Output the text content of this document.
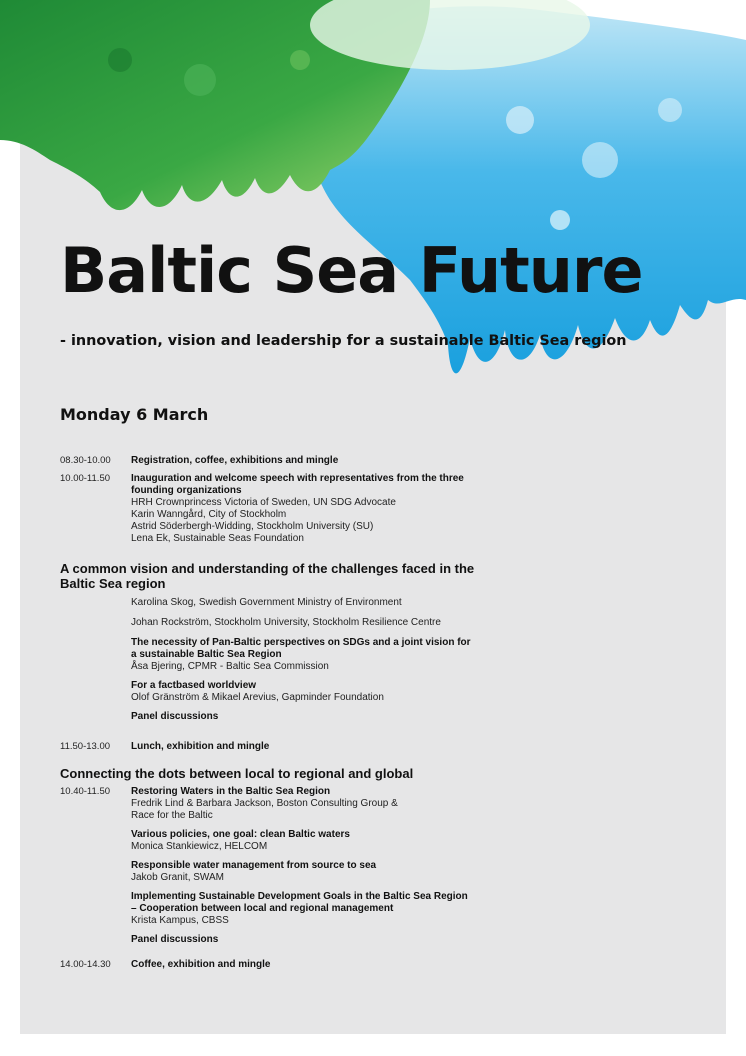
Baltic Sea Future

- innovation, vision and leadership for a sustainable Baltic Sea region

Monday 6 March
08.30-10.00	Registration, coffee, exhibitions and mingle
10.00-11.50	Inauguration and welcome speech with representatives from the three
founding organizations
HRH Crownprincess Victoria of Sweden, UN SDG Advocate
Karin Wanngård, City of Stockholm
Astrid Söderbergh-Widding, Stockholm University (SU)
Lena Ek, Sustainable Seas Foundation
A common vision and understanding of the challenges faced in the
Baltic Sea region
Karolina Skog, Swedish Government Ministry of Environment
Johan Rockström, Stockholm University, Stockholm Resilience Centre
The necessity of Pan-Baltic perspectives on SDGs and a joint vision for
a sustainable Baltic Sea Region
Åsa Bjering, CPMR - Baltic Sea Commission
For a factbased worldview
Olof Gränström & Mikael Arevius, Gapminder Foundation
Panel discussions
11.50-13.00	Lunch, exhibition and mingle
Connecting the dots between local to regional and global
10.40-11.50	Restoring Waters in the Baltic Sea Region
Fredrik Lind & Barbara Jackson, Boston Consulting Group &
Race for the Baltic
Various policies, one goal: clean Baltic waters
Monica Stankiewicz, HELCOM
Responsible water management from source to sea
Jakob Granit, SWAM
Implementing Sustainable Development Goals in the Baltic Sea Region
– Cooperation between local and regional management
Krista Kampus, CBSS
Panel discussions
14.00-14.30	Coffee, exhibition and mingle
